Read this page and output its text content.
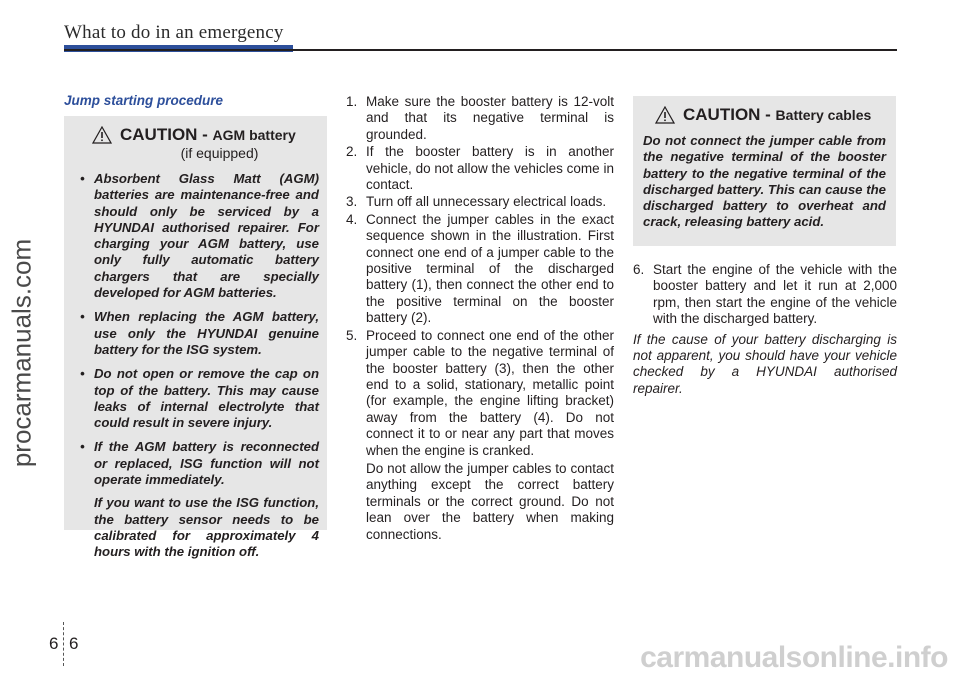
What to do in an emergency
procarmanuals.com
Jump starting procedure
CAUTION - AGM battery
(if equipped)
• Absorbent Glass Matt (AGM) batteries are maintenance-free and should only be serviced by a HYUNDAI authorised repairer. For charging your AGM battery, use only fully automatic battery chargers that are specially developed for AGM batteries.
• When replacing the AGM battery, use only the HYUNDAI genuine battery for the ISG system.
• Do not open or remove the cap on top of the battery. This may cause leaks of internal electrolyte that could result in severe injury.
• If the AGM battery is reconnected or replaced, ISG function will not operate immediately.
If you want to use the ISG function, the battery sensor needs to be calibrated for approximately 4 hours with the ignition off.
1. Make sure the booster battery is 12-volt and that its negative terminal is grounded.
2. If the booster battery is in another vehicle, do not allow the vehicles come in contact.
3. Turn off all unnecessary electrical loads.
4. Connect the jumper cables in the exact sequence shown in the illustration. First connect one end of a jumper cable to the positive terminal of the discharged battery (1), then connect the other end to the positive terminal on the booster battery (2).
5. Proceed to connect one end of the other jumper cable to the negative terminal of the booster battery (3), then the other end to a solid, stationary, metallic point (for example, the engine lifting bracket) away from the battery (4). Do not connect it to or near any part that moves when the engine is cranked.
Do not allow the jumper cables to contact anything except the correct battery terminals or the correct ground. Do not lean over the battery when making connections.
CAUTION - Battery cables
Do not connect the jumper cable from the negative terminal of the booster battery to the negative terminal of the discharged battery. This can cause the discharged battery to overheat and crack, releasing battery acid.
6. Start the engine of the vehicle with the booster battery and let it run at 2,000 rpm, then start the engine of the vehicle with the discharged battery.
If the cause of your battery discharging is not apparent, you should have your vehicle checked by a HYUNDAI authorised repairer.
6 6	carmanualsonline.info
